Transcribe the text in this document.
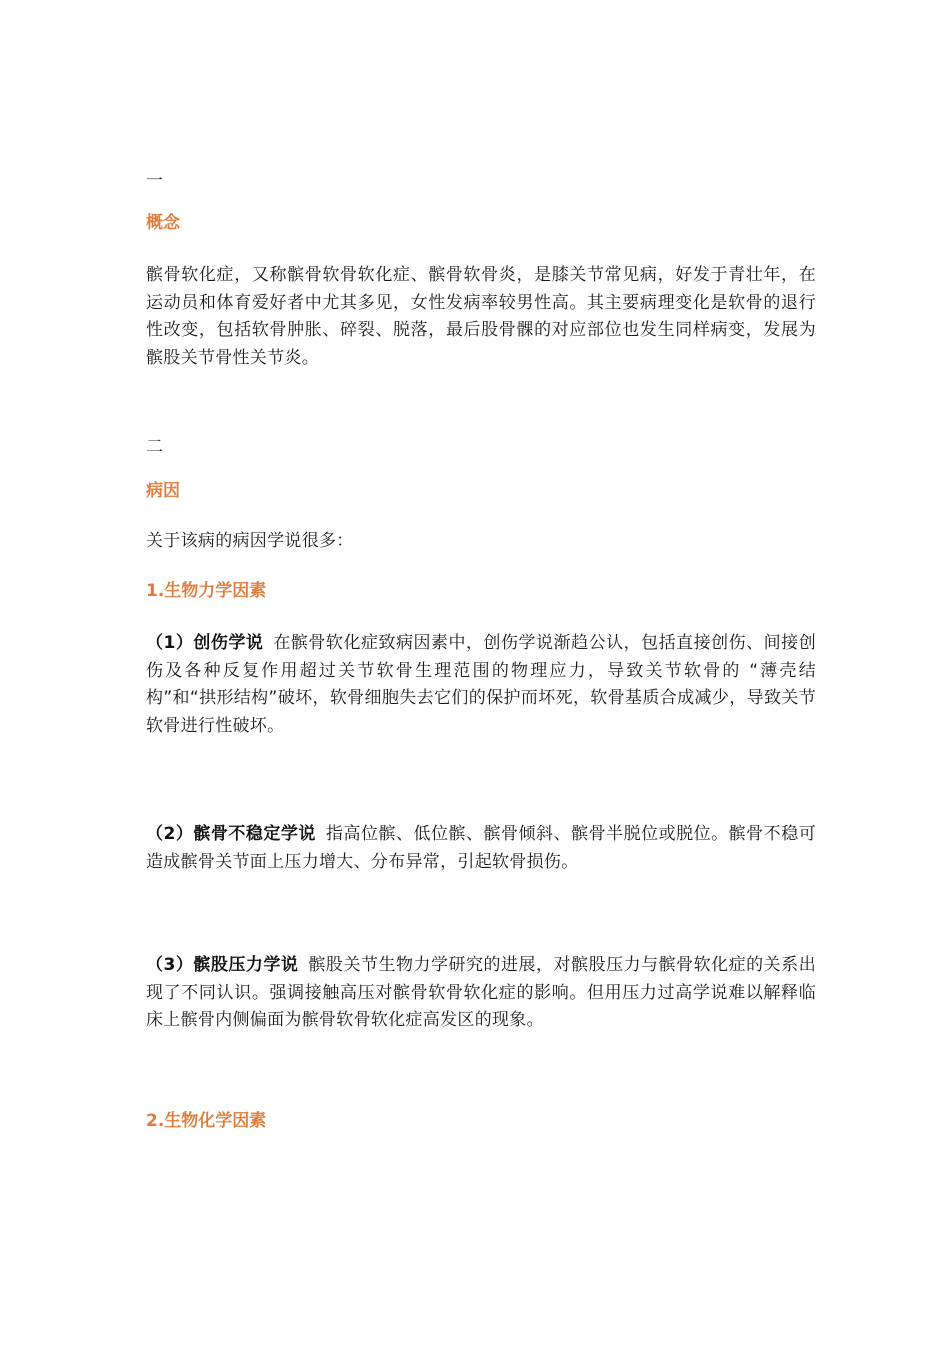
一
概念
髌骨软化症，又称髌骨软骨软化症、髌骨软骨炎，是膝关节常见病，好发于青壮年，在运动员和体育爱好者中尤其多见，女性发病率较男性高。其主要病理变化是软骨的退行性改变，包括软骨肿胀、碎裂、脱落，最后股骨髁的对应部位也发生同样病变，发展为髌股关节骨性关节炎。
二
病因
关于该病的病因学说很多：
1.生物力学因素
（1）创伤学说 在髌骨软化症致病因素中，创伤学说渐趋公认，包括直接创伤、间接创伤及各种反复作用超过关节软骨生理范围的物理应力，导致关节软骨的 “薄壳结构”和“拱形结构”破坏，软骨细胞失去它们的保护而坏死，软骨基质合成减少，导致关节软骨进行性破坏。
（2）髌骨不稳定学说 指高位髌、低位髌、髌骨倾斜、髌骨半脱位或脱位。髌骨不稳可造成髌骨关节面上压力增大、分布异常，引起软骨损伤。
（3）髌股压力学说 髌股关节生物力学研究的进展，对髌股压力与髌骨软化症的关系出现了不同认识。强调接触高压对髌骨软骨软化症的影响。但用压力过高学说难以解释临床上髌骨内侧偏面为髌骨软骨软化症高发区的现象。
2.生物化学因素
